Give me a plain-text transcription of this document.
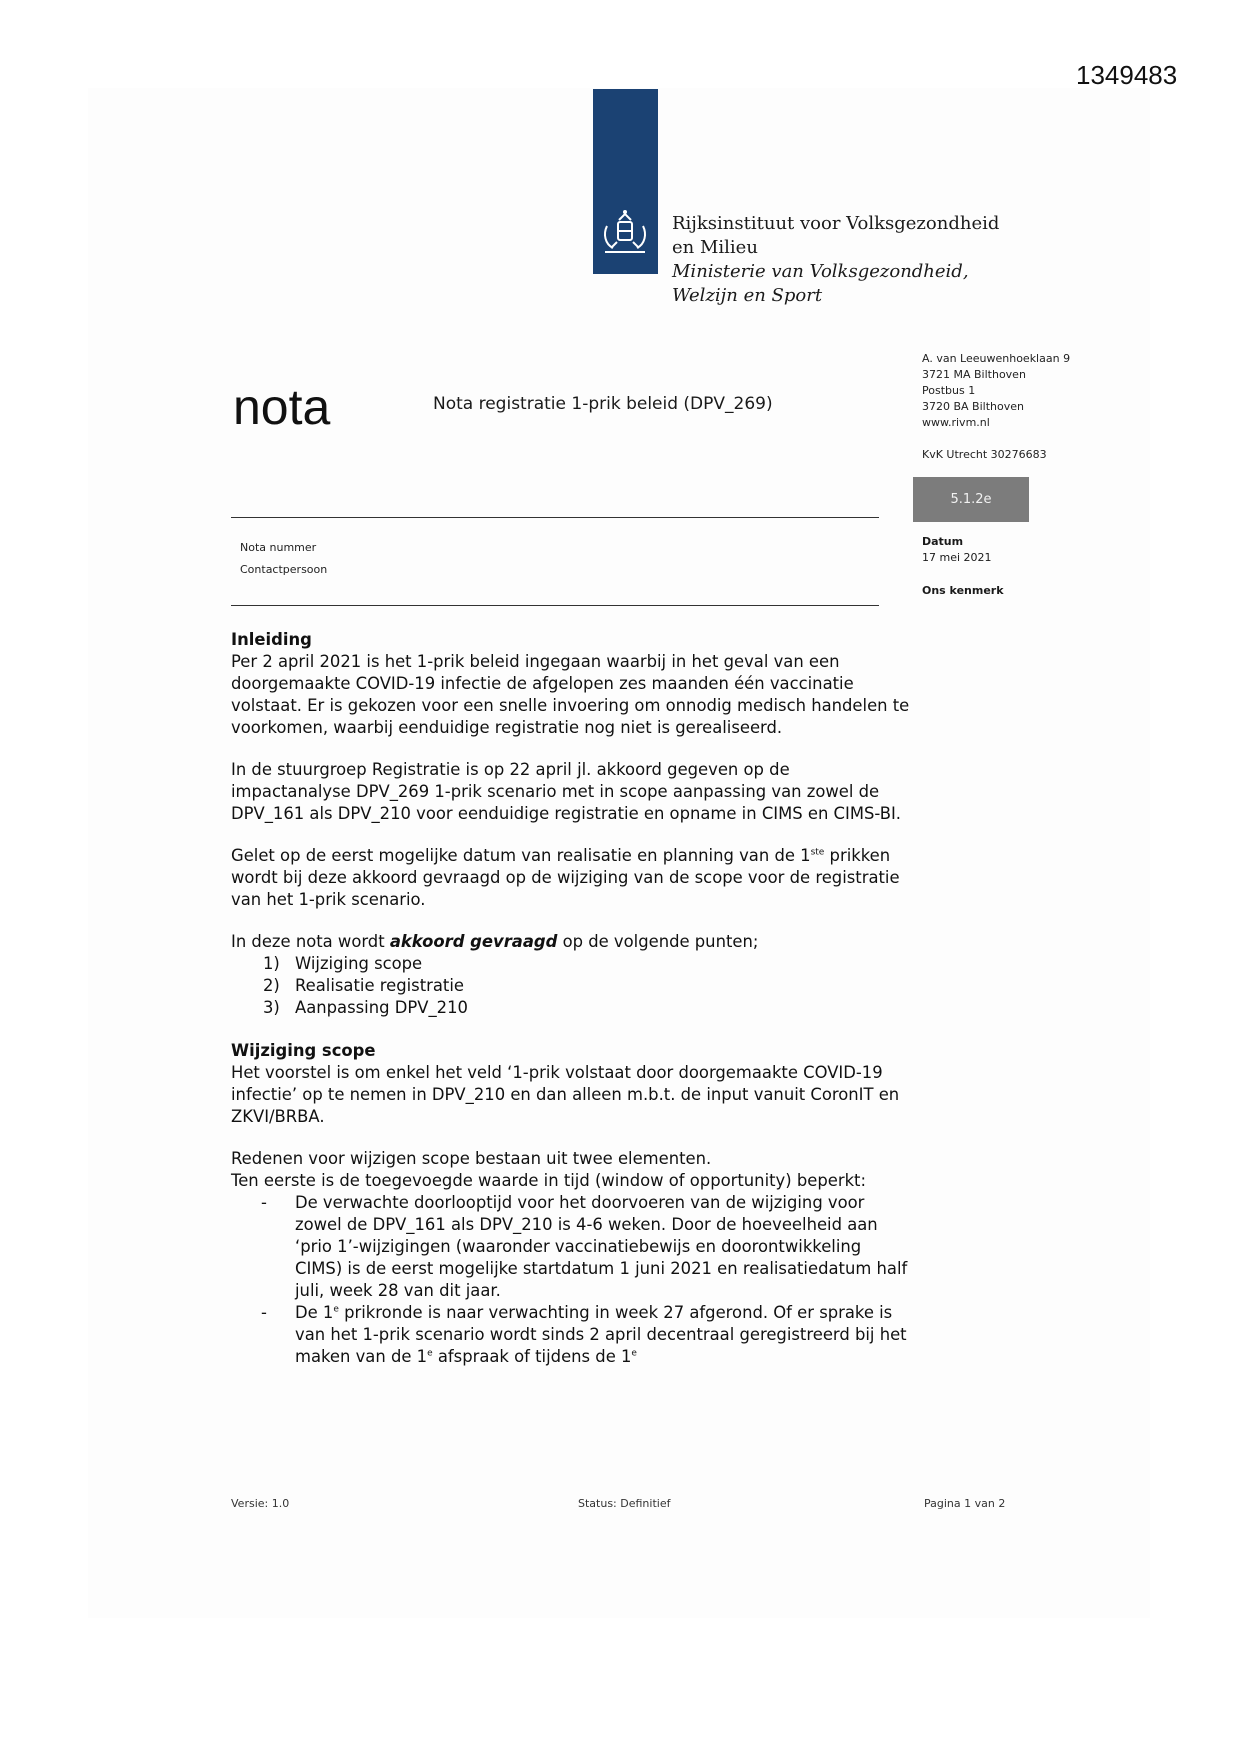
1349483
Rijksinstituut voor Volksgezondheid
en Milieu
Ministerie van Volksgezondheid,
Welzijn en Sport
nota	Nota registratie 1-prik beleid (DPV_269)
A. van Leeuwenhoeklaan 9
3721 MA Bilthoven
Postbus 1
3720 BA Bilthoven
www.rivm.nl
KvK Utrecht 30276683
5.1.2e
Datum
17 mei 2021
Ons kenmerk
Nota nummer
Contactpersoon
Inleiding

Per 2 april 2021 is het 1-prik beleid ingegaan waarbij in het geval van een doorgemaakte COVID-19 infectie de afgelopen zes maanden één vaccinatie volstaat. Er is gekozen voor een snelle invoering om onnodig medisch handelen te voorkomen, waarbij eenduidige registratie nog niet is gerealiseerd.

In de stuurgroep Registratie is op 22 april jl. akkoord gegeven op de impactanalyse DPV_269 1-prik scenario met in scope aanpassing van zowel de DPV_161 als DPV_210 voor eenduidige registratie en opname in CIMS en CIMS-BI.

Gelet op de eerst mogelijke datum van realisatie en planning van de 1ste prikken wordt bij deze akkoord gevraagd op de wijziging van de scope voor de registratie van het 1-prik scenario.

In deze nota wordt akkoord gevraagd op de volgende punten;

1) Wijziging scope
2) Realisatie registratie
3) Aanpassing DPV_210
Wijziging scope

Het voorstel is om enkel het veld ‘1-prik volstaat door doorgemaakte COVID-19 infectie’ op te nemen in DPV_210 en dan alleen m.b.t. de input vanuit CoronIT en ZKVI/BRBA.

Redenen voor wijzigen scope bestaan uit twee elementen.

Ten eerste is de toegevoegde waarde in tijd (window of opportunity) beperkt:

- De verwachte doorlooptijd voor het doorvoeren van de wijziging voor zowel de DPV_161 als DPV_210 is 4-6 weken. Door de hoeveelheid aan ‘prio 1’-wijzigingen (waaronder vaccinatiebewijs en doorontwikkeling CIMS) is de eerst mogelijke startdatum 1 juni 2021 en realisatiedatum half juli, week 28 van dit jaar.
- De 1e prikronde is naar verwachting in week 27 afgerond. Of er sprake is van het 1-prik scenario wordt sinds 2 april decentraal geregistreerd bij het maken van de 1e afspraak of tijdens de 1e
Versie: 1.0	Status: Definitief	Pagina 1 van 2
